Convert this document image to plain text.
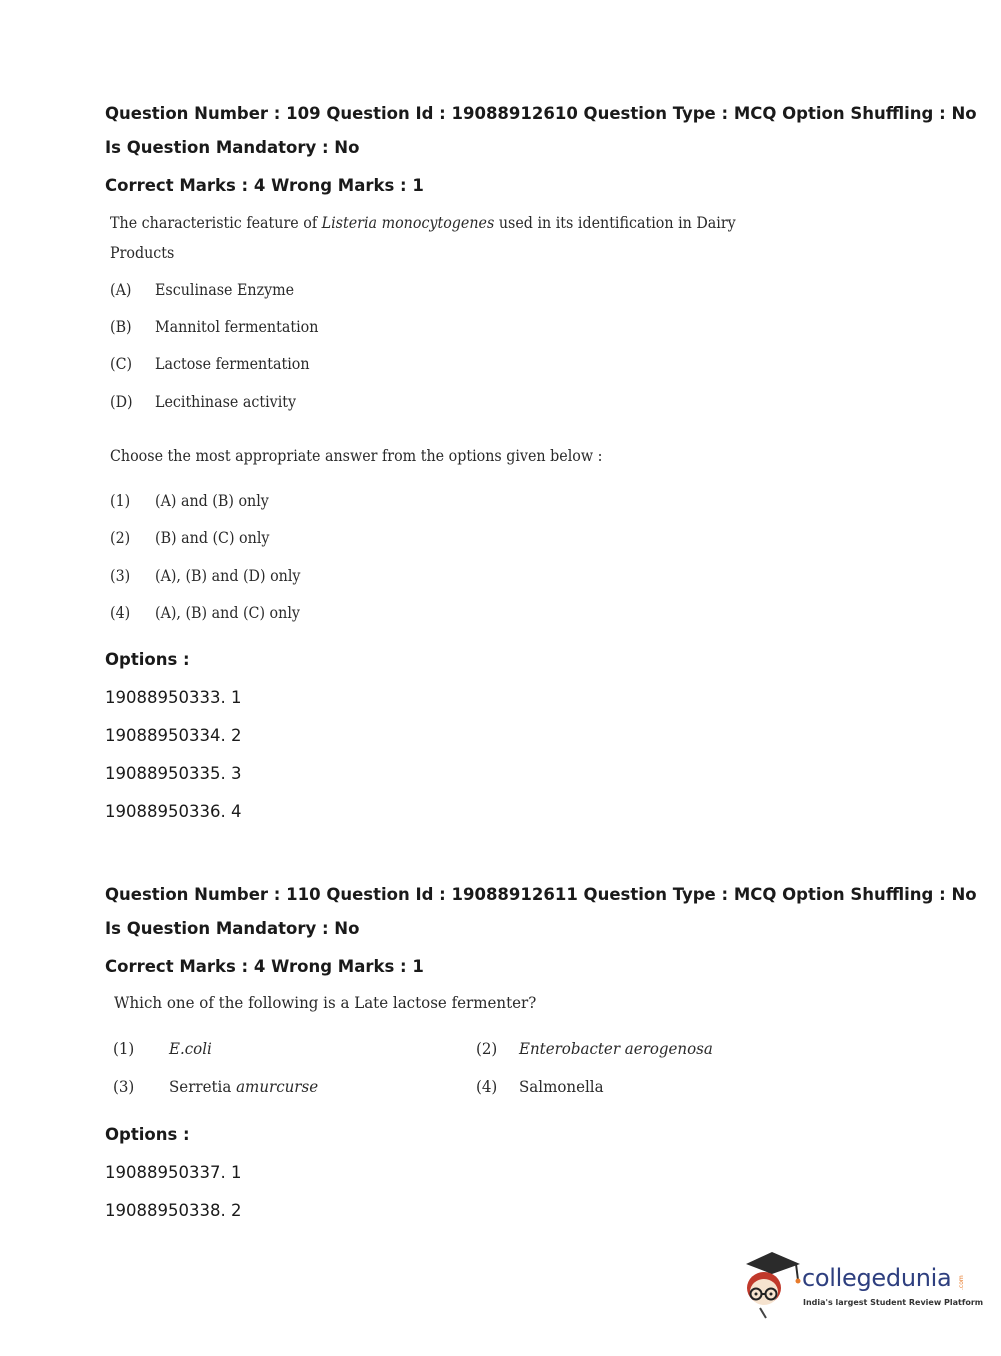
Question Number : 109 Question Id : 19088912610 Question Type : MCQ Option Shuffling : No
Is Question Mandatory : No
Correct Marks : 4 Wrong Marks : 1
The characteristic feature of Listeria monocytogenes used in its identification in Dairy
Products
(A) Esculinase Enzyme
(B) Mannitol fermentation
(C) Lactose fermentation
(D) Lecithinase activity
Choose the most appropriate answer from the options given below :
(1) (A) and (B) only
(2) (B) and (C) only
(3) (A), (B) and (D) only
(4) (A), (B) and (C) only
Options :
19088950333. 1
19088950334. 2
19088950335. 3
19088950336. 4
Question Number : 110 Question Id : 19088912611 Question Type : MCQ Option Shuffling : No
Is Question Mandatory : No
Correct Marks : 4 Wrong Marks : 1
Which one of the following is a Late lactose fermenter?
(1) E.coli	(2) Enterobacter aerogenosa
(3) Serretia amurcurse	(4) Salmonella
Options :
19088950337. 1
19088950338. 2
collegedunia .com
India's largest Student Review Platform
